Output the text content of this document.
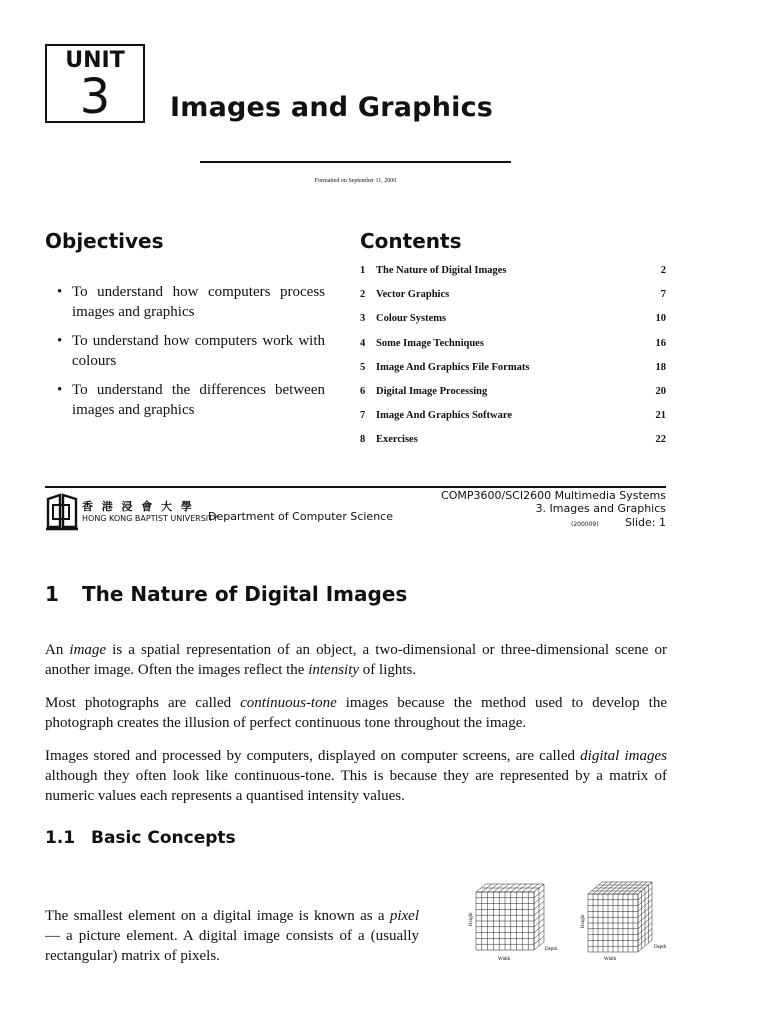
UNIT
3	Images and Graphics
Formatted on September 11, 2000
Objectives
• To understand how computers process images and graphics
• To understand how computers work with colours
• To understand the differences between images and graphics
Contents
1	The Nature of Digital Images	2
2	Vector Graphics	7
3	Colour Systems	10
4	Some Image Techniques	16
5	Image And Graphics File Formats	18
6	Digital Image Processing	20
7	Image And Graphics Software	21
8	Exercises	22
香 港 浸 會 大 學
HONG KONG BAPTIST UNIVERSITY
Department of Computer Science
COMP3600/SCI2600 Multimedia Systems
3. Images and Graphics
(200009) Slide: 1
1 The Nature of Digital Images

An image is a spatial representation of an object, a two-dimensional or three-dimensional scene or another image. Often the images reflect the intensity of lights.

Most photographs are called continuous-tone images because the method used to develop the photograph creates the illusion of perfect continuous tone throughout the image.

Images stored and processed by computers, displayed on computer screens, are called digital images although they often look like continuous-tone. This is because they are represented by a matrix of numeric values each represents a quantised intensity values.

1.1 Basic Concepts

The smallest element on a digital image is known as a pixel — a picture element. A digital image consists of a (usually rectangular) matrix of pixels.

Height
Width
Depth
Height
Width
Depth
